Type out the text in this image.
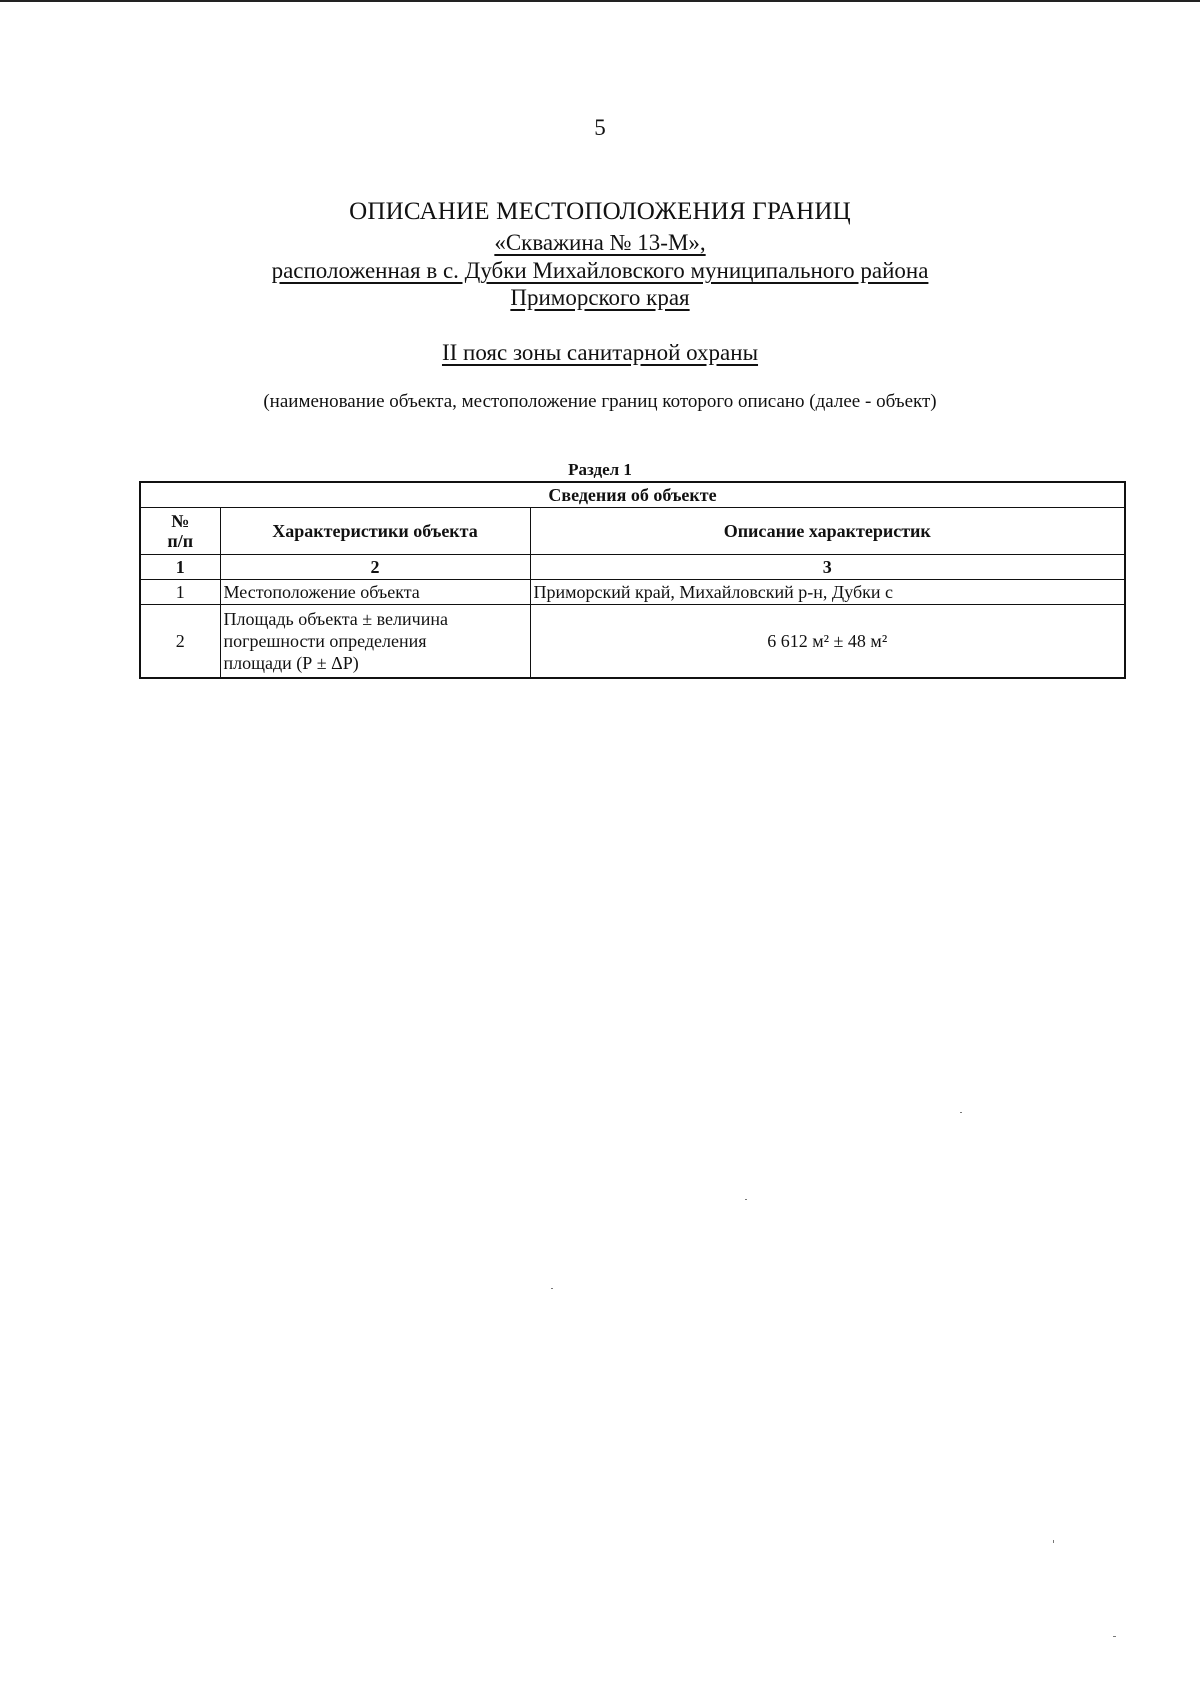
5
ОПИСАНИЕ МЕСТОПОЛОЖЕНИЯ ГРАНИЦ
«Скважина № 13-М»,
расположенная в с. Дубки Михайловского муниципального района
Приморского края
II пояс зоны санитарной охраны
(наименование объекта, местоположение границ которого описано (далее - объект)
Раздел 1
Сведения об объекте		
№
п/п	Характеристики объекта	Описание характеристик
1	2	3
1	Местоположение объекта	Приморский край, Михайловский р-н, Дубки с
2	Площадь объекта ± величина
погрешности определения
площади (Р ± ΔР)	6 612 м² ± 48 м²
